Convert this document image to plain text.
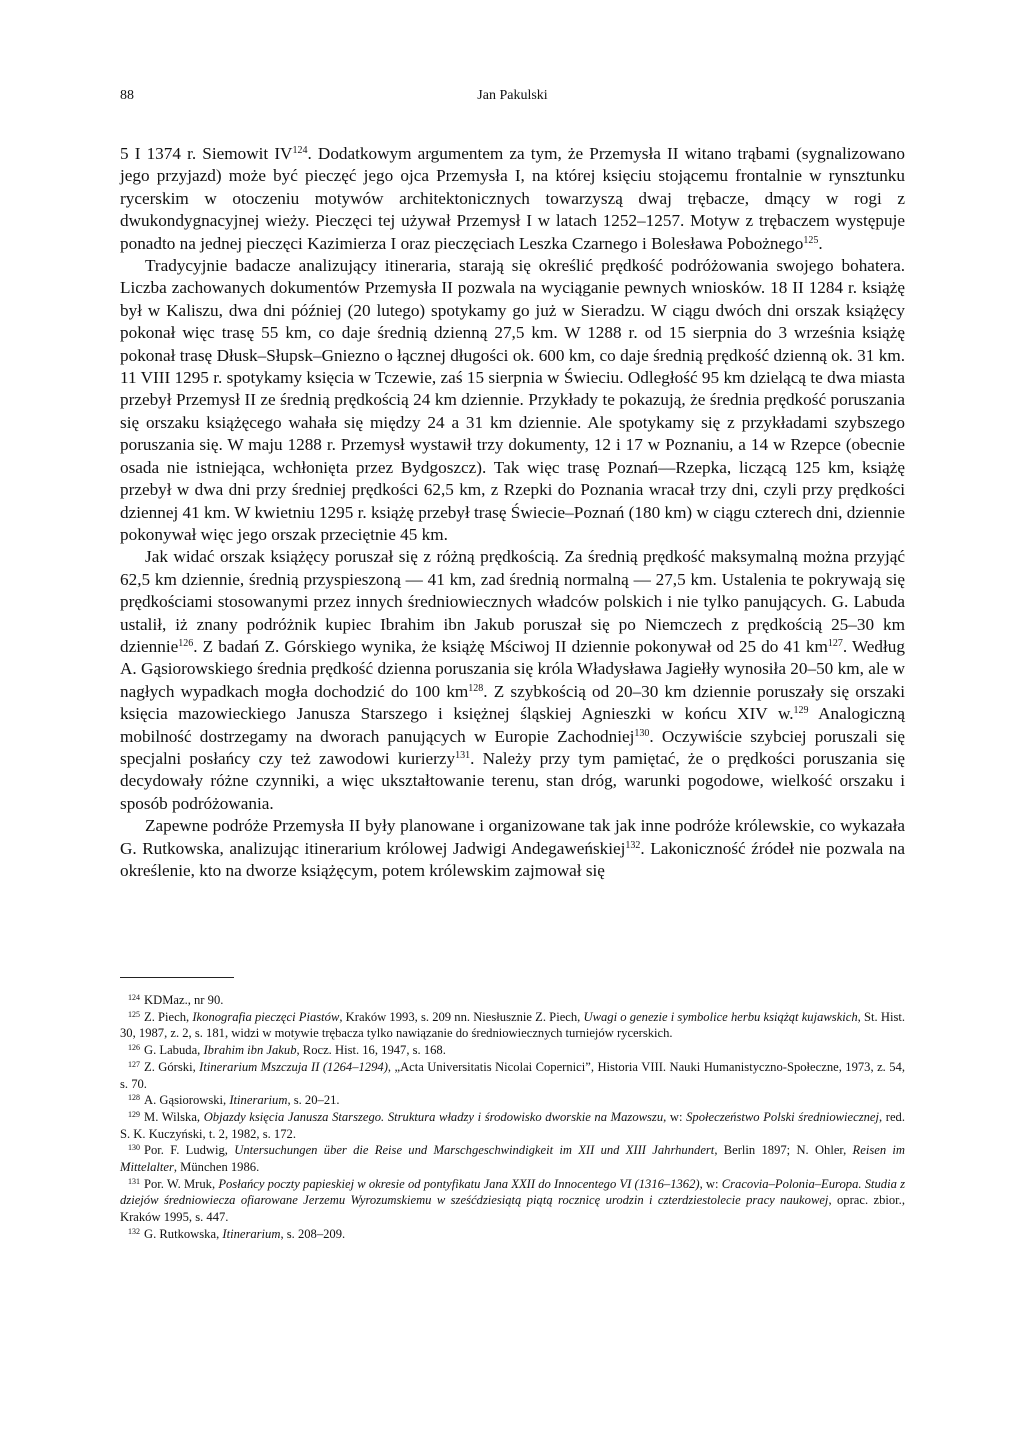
88	Jan Pakulski

5 I 1374 r. Siemowit IV$^{124}$. Dodatkowym argumentem za tym, że Przemysła II witano trąbami (sygnalizowano jego przyjazd) może być pieczęć jego ojca Przemysła I, na której księciu stojącemu frontalnie w rynsztunku rycerskim w otoczeniu motywów architektonicznych towarzyszą dwaj trębacze, dmący w rogi z dwukondygnacyjnej wieży. Pieczęci tej używał Przemysł I w latach 1252–1257. Motyw z trębaczem występuje ponadto na jednej pieczęci Kazimierza I oraz pieczęciach Leszka Czarnego i Bolesława Pobożnego$^{125}$.

Tradycyjnie badacze analizujący itineraria, starają się określić prędkość podróżowania swojego bohatera. Liczba zachowanych dokumentów Przemysła II pozwala na wyciąganie pewnych wniosków. 18 II 1284 r. książę był w Kaliszu, dwa dni później (20 lutego) spotykamy go już w Sieradzu. W ciągu dwóch dni orszak książęcy pokonał więc trasę 55 km, co daje średnią dzienną 27,5 km. W 1288 r. od 15 sierpnia do 3 września książę pokonał trasę Dłusk–Słupsk–Gniezno o łącznej długości ok. 600 km, co daje średnią prędkość dzienną ok. 31 km. 11 VIII 1295 r. spotykamy księcia w Tczewie, zaś 15 sierpnia w Świeciu. Odległość 95 km dzielącą te dwa miasta przebył Przemysł II ze średnią prędkością 24 km dziennie. Przykłady te pokazują, że średnia prędkość poruszania się orszaku książęcego wahała się między 24 a 31 km dziennie. Ale spotykamy się z przykładami szybszego poruszania się. W maju 1288 r. Przemysł wystawił trzy dokumenty, 12 i 17 w Poznaniu, a 14 w Rzepce (obecnie osada nie istniejąca, wchłonięta przez Bydgoszcz). Tak więc trasę Poznań––Rzepka, liczącą 125 km, książę przebył w dwa dni przy średniej prędkości 62,5 km, z Rzepki do Poznania wracał trzy dni, czyli przy prędkości dziennej 41 km. W kwietniu 1295 r. książę przebył trasę Świecie–Poznań (180 km) w ciągu czterech dni, dziennie pokonywał więc jego orszak przeciętnie 45 km.

Jak widać orszak książęcy poruszał się z różną prędkością. Za średnią prędkość maksymalną można przyjąć 62,5 km dziennie, średnią przyspieszoną — 41 km, zad średnią normalną — 27,5 km. Ustalenia te pokrywają się prędkościami stosowanymi przez innych średniowiecznych władców polskich i nie tylko panujących. G. Labuda ustalił, iż znany podróżnik kupiec Ibrahim ibn Jakub poruszał się po Niemczech z prędkością 25–30 km dziennie$^{126}$. Z badań Z. Górskiego wynika, że książę Mściwoj II dziennie pokonywał od 25 do 41 $km^{127}$. Według A. Gąsiorowskiego średnia prędkość dzienna poruszania się króla Władysława Jagiełły wynosiła 20–50 km, ale w nagłych wypadkach mogła dochodzić do 100 $km^{128}$. Z szybkością od 20–30 km dziennie poruszały się orszaki księcia mazowieckiego Janusza Starszego i księżnej śląskiej Agnieszki w końcu XIV w.$^{129}$ Analogiczną mobilność dostrzegamy na dworach panujących w Europie Zachodniej$^{130}$. Oczywiście szybciej poruszali się specjalni posłańcy czy też zawodowi kurierzy$^{131}$. Należy przy tym pamiętać, że o prędkości poruszania się decydowały różne czynniki, a więc ukształtowanie terenu, stan dróg, warunki pogodowe, wielkość orszaku i sposób podróżowania.

Zapewne podróże Przemysła II były planowane i organizowane tak jak inne podróże królewskie, co wykazała G. Rutkowska, analizując itinerarium królowej Jadwigi Andegaweńskiej$^{132}$. Lakoniczność źródeł nie pozwala na określenie, kto na dworze książęcym, potem królewskim zajmował się

$^{124}$ KDMaz., nr 90.

$^{125}$ Z. Piech, Ikonografia pieczęci Piastów, Kraków 1993, s. 209 nn. Niesłusznie Z. Piech, Uwagi o genezie i symbolice herbu książąt kujawskich, St. Hist. 30, 1987, z. 2, s. 181, widzi w motywie trębacza tylko nawiązanie do średniowiecznych turniejów rycerskich.

$^{126}$ G. Labuda, Ibrahim ibn Jakub, Rocz. Hist. 16, 1947, s. 168.

$^{127}$ Z. Górski, Itinerarium Mszczuja II (1264–1294), „Acta Universitatis Nicolai Copernici”, Historia VIII. Nauki Humanistyczno-Społeczne, 1973, z. 54, s. 70.

$^{128}$ A. Gąsiorowski, Itinerarium, s. 20–21.

$^{129}$ M. Wilska, Objazdy księcia Janusza Starszego. Struktura władzy i środowisko dworskie na Mazowszu, w: Społeczeństwo Polski średniowiecznej, red. S. K. Kuczyński, t. 2, 1982, s. 172.

$^{130}$ Por. F. Ludwig, Untersuchungen über die Reise und Marschgeschwindigkeit im XII und XIII Jahrhundert, Berlin 1897; N. Ohler, Reisen im Mittelalter, München 1986.

$^{131}$ Por. W. Mruk, Posłańcy poczty papieskiej w okresie od pontyfikatu Jana XXII do Innocentego VI (1316–1362), w: Cracovia–Polonia–Europa. Studia z dziejów średniowiecza ofiarowane Jerzemu Wyrozumskiemu w sześćdziesiątą piątą rocznicę urodzin i czterdziestolecie pracy naukowej, oprac. zbior., Kraków 1995, s. 447.

$^{132}$ G. Rutkowska, Itinerarium, s. 208–209.
